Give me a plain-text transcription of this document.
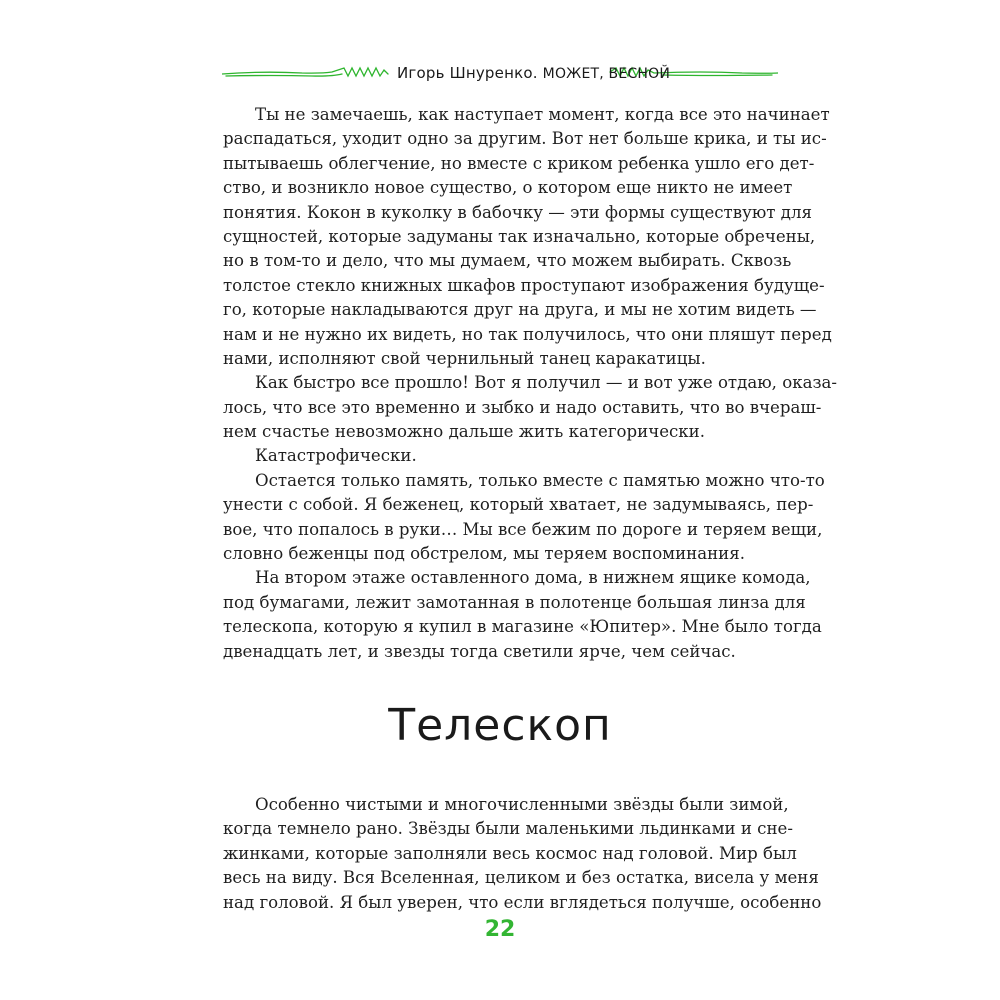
Игорь Шнуренко. МОЖЕТ, ВЕСНОЙ
Ты не замечаешь, как наступает момент, когда все это начинает
распадаться, уходит одно за другим. Вот нет больше крика, и ты ис-
пытываешь облегчение, но вместе с криком ребенка ушло его дет-
ство, и возникло новое существо, о котором еще никто не имеет
понятия. Кокон в куколку в бабочку — эти формы существуют для
сущностей, которые задуманы так изначально, которые обречены,
но в том-то и дело, что мы думаем, что можем выбирать. Сквозь
толстое стекло книжных шкафов проступают изображения будуще-
го, которые накладываются друг на друга, и мы не хотим видеть —
нам и не нужно их видеть, но так получилось, что они пляшут перед
нами, исполняют свой чернильный танец каракатицы.
Как быстро все прошло! Вот я получил — и вот уже отдаю, оказа-
лось, что все это временно и зыбко и надо оставить, что во вчераш-
нем счастье невозможно дальше жить категорически.
Катастрофически.
Остается только память, только вместе с памятью можно что-то
унести с собой. Я беженец, который хватает, не задумываясь, пер-
вое, что попалось в руки… Мы все бежим по дороге и теряем вещи,
словно беженцы под обстрелом, мы теряем воспоминания.
На втором этаже оставленного дома, в нижнем ящике комода,
под бумагами, лежит замотанная в полотенце большая линза для
телескопа, которую я купил в магазине «Юпитер». Мне было тогда
двенадцать лет, и звезды тогда светили ярче, чем сейчас.
Телескоп
Особенно чистыми и многочисленными звёзды были зимой,
когда темнело рано. Звёзды были маленькими льдинками и сне-
жинками, которые заполняли весь космос над головой. Мир был
весь на виду. Вся Вселенная, целиком и без остатка, висела у меня
над головой. Я был уверен, что если вглядеться получше, особенно
22
